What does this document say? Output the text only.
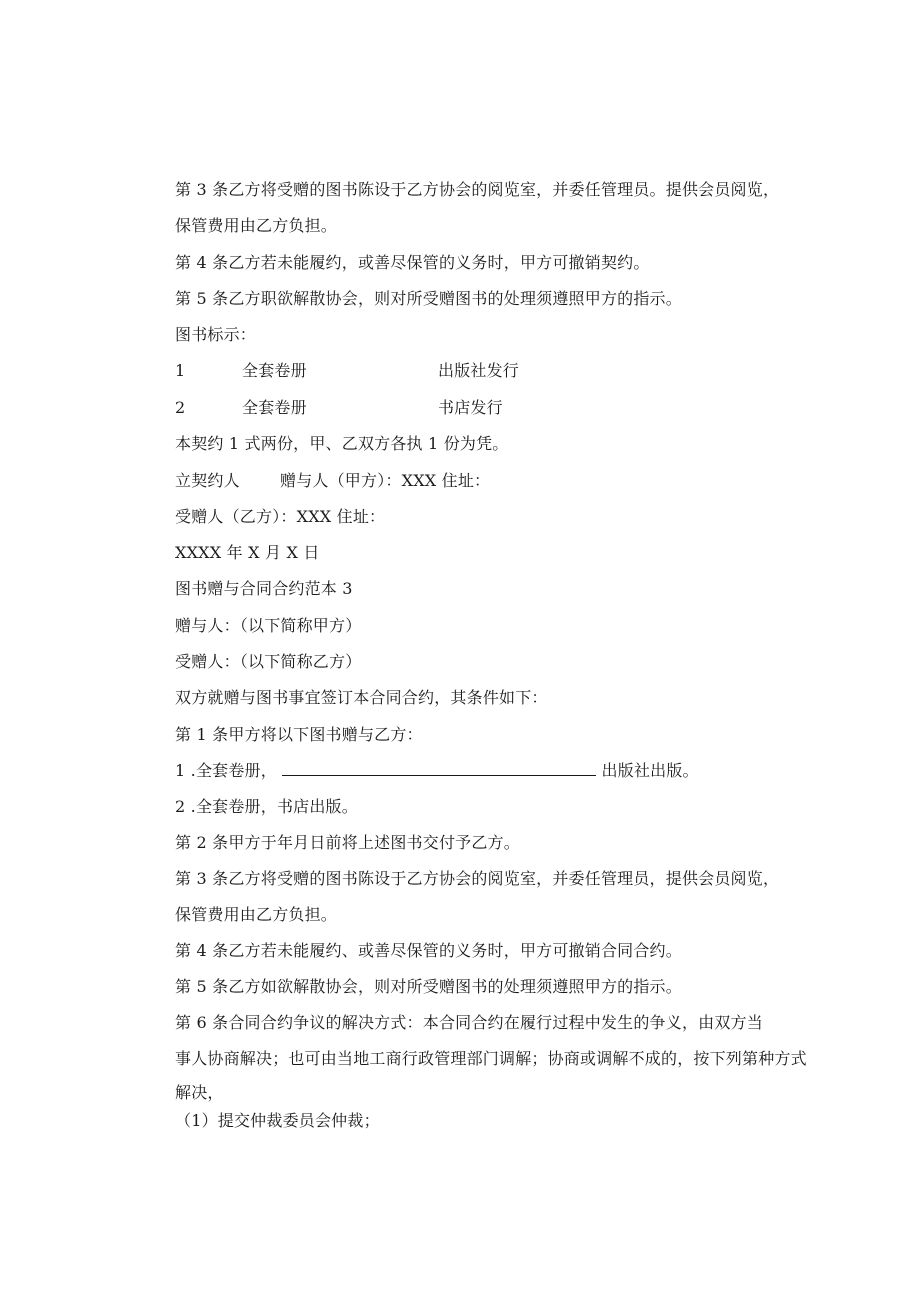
第 3 条乙方将受赠的图书陈设于乙方协会的阅览室，并委任管理员。提供会员阅览，
保管费用由乙方负担。
第 4 条乙方若未能履约，或善尽保管的义务时，甲方可撤销契约。
第 5 条乙方职欲解散协会，则对所受赠图书的处理须遵照甲方的指示。
图书标示：
1	全套卷册	出版社发行
2	全套卷册	书店发行
本契约 1 式两份，甲、乙双方各执 1 份为凭。
立契约人	赠与人（甲方）：XXX 住址：
受赠人（乙方）：XXX 住址：
XXXX 年 X 月 X 日
图书赠与合同合约范本 3
赠与人：（以下简称甲方）
受赠人：（以下简称乙方）
双方就赠与图书事宜签订本合同合约，其条件如下：
第 1 条甲方将以下图书赠与乙方：
1 .全套卷册，	出版社出版。
2 .全套卷册，书店出版。
第 2 条甲方于年月日前将上述图书交付予乙方。
第 3 条乙方将受赠的图书陈设于乙方协会的阅览室，并委任管理员，提供会员阅览，
保管费用由乙方负担。
第 4 条乙方若未能履约、或善尽保管的义务时，甲方可撤销合同合约。
第 5 条乙方如欲解散协会，则对所受赠图书的处理须遵照甲方的指示。
第 6 条合同合约争议的解决方式：本合同合约在履行过程中发生的争义，由双方当
事人协商解决；也可由当地工商行政管理部门调解；协商或调解不成的，按下列第种方式
解决，
（1）提交仲裁委员会仲裁；
